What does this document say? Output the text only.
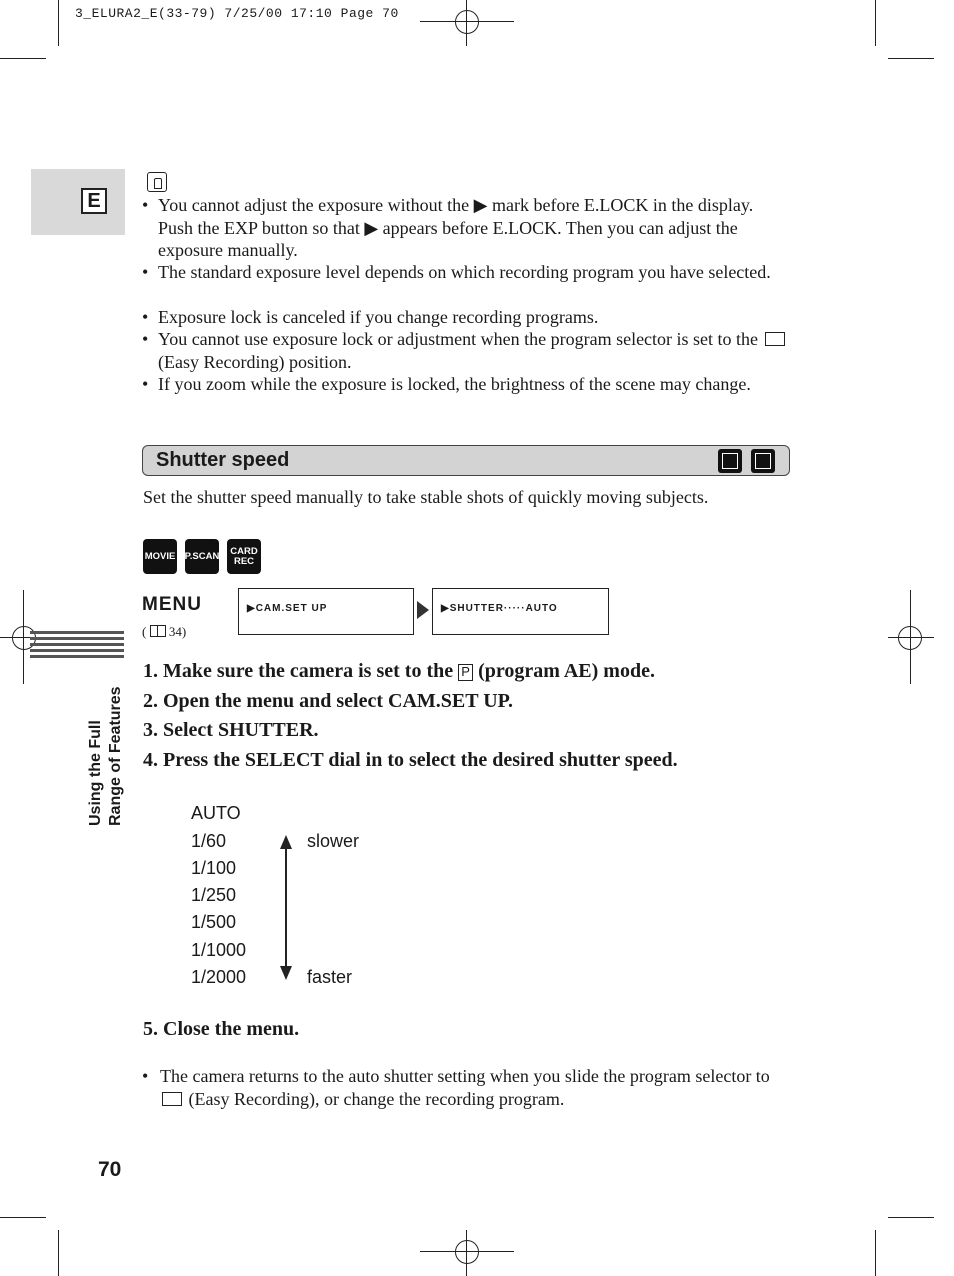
3_ELURA2_E(33-79) 7/25/00 17:10 Page 70
E	• You cannot adjust the exposure without the ▶ mark before E.LOCK in the display. Push the EXP button so that ▶ appears before E.LOCK. Then you can adjust the exposure manually.
• The standard exposure level depends on which recording program you have selected.
• Exposure lock is canceled if you change recording programs.
• You cannot use exposure lock or adjustment when the program selector is set to the  (Easy Recording) position.
• If you zoom while the exposure is locked, the brightness of the scene may change.
Shutter speed
Set the shutter speed manually to take stable shots of quickly moving subjects.
MOVIE P.SCAN	CARD REC
MENU
( 34)
▶CAM.SET UP	▶SHUTTER·····AUTO
1. Make sure the camera is set to the P (program AE) mode.
2. Open the menu and select CAM.SET UP.
3. Select SHUTTER.
4. Press the SELECT dial in to select the desired shutter speed.
AUTO
1/60
1/100
1/250
1/500
1/1000
1/2000
slower
faster
5. Close the menu.
• The camera returns to the auto shutter setting when you slide the program selector to  (Easy Recording), or change the recording program.
Using the Full Range of Features
70
